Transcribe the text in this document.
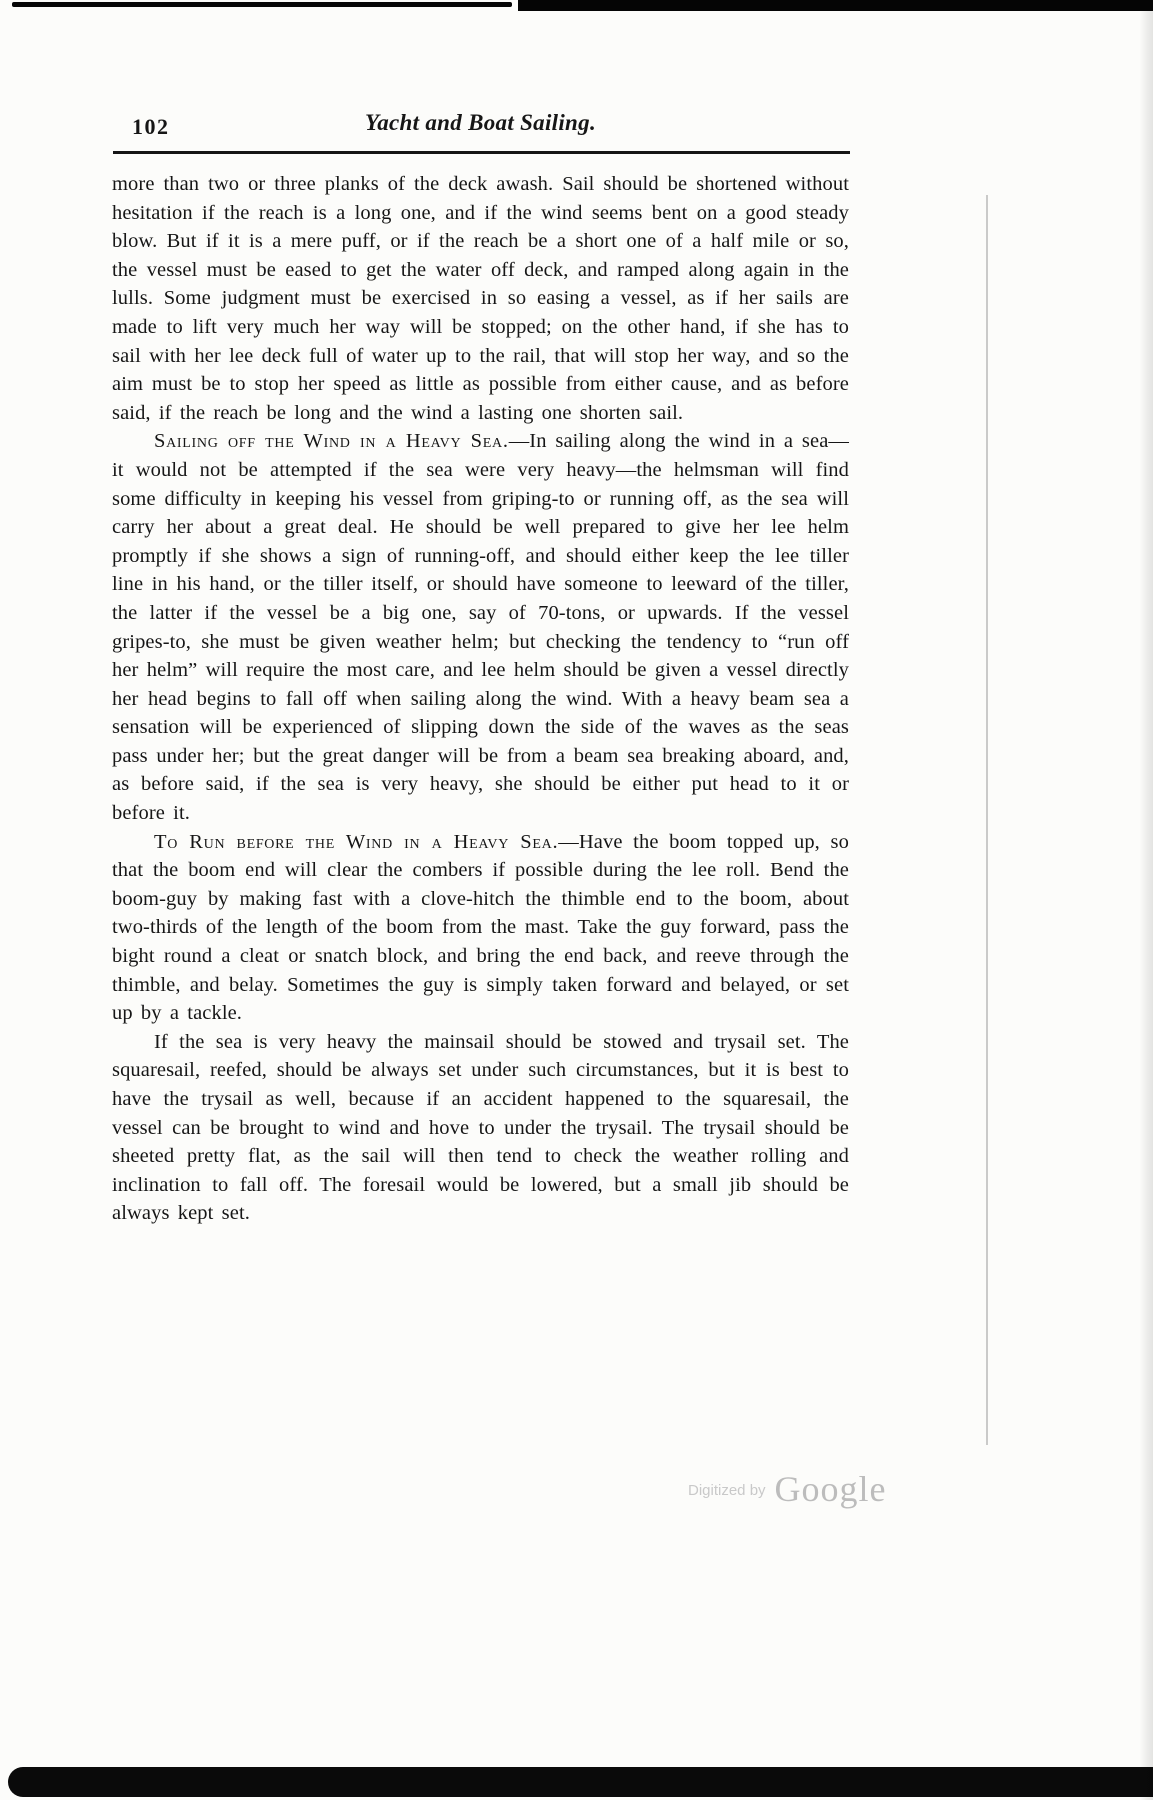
102	Yacht and Boat Sailing.

more than two or three planks of the deck awash. Sail should be shortened without hesitation if the reach is a long one, and if the wind seems bent on a good steady blow. But if it is a mere puff, or if the reach be a short one of a half mile or so, the vessel must be eased to get the water off deck, and ramped along again in the lulls. Some judgment must be exercised in so easing a vessel, as if her sails are made to lift very much her way will be stopped; on the other hand, if she has to sail with her lee deck full of water up to the rail, that will stop her way, and so the aim must be to stop her speed as little as possible from either cause, and as before said, if the reach be long and the wind a lasting one shorten sail.

Sailing off the Wind in a Heavy Sea.—In sailing along the wind in a sea—it would not be attempted if the sea were very heavy—the helmsman will find some difficulty in keeping his vessel from griping-to or running off, as the sea will carry her about a great deal. He should be well prepared to give her lee helm promptly if she shows a sign of running-off, and should either keep the lee tiller line in his hand, or the tiller itself, or should have someone to leeward of the tiller, the latter if the vessel be a big one, say of 70-tons, or upwards. If the vessel gripes-to, she must be given weather helm; but checking the tendency to “run off her helm” will require the most care, and lee helm should be given a vessel directly her head begins to fall off when sailing along the wind. With a heavy beam sea a sensation will be experienced of slipping down the side of the waves as the seas pass under her; but the great danger will be from a beam sea breaking aboard, and, as before said, if the sea is very heavy, she should be either put head to it or before it.

To Run before the Wind in a Heavy Sea.—Have the boom topped up, so that the boom end will clear the combers if possible during the lee roll. Bend the boom-guy by making fast with a clove-hitch the thimble end to the boom, about two-thirds of the length of the boom from the mast. Take the guy forward, pass the bight round a cleat or snatch block, and bring the end back, and reeve through the thimble, and belay. Sometimes the guy is simply taken forward and belayed, or set up by a tackle.

If the sea is very heavy the mainsail should be stowed and trysail set. The squaresail, reefed, should be always set under such circumstances, but it is best to have the trysail as well, because if an accident happened to the squaresail, the vessel can be brought to wind and hove to under the trysail. The trysail should be sheeted pretty flat, as the sail will then tend to check the weather rolling and inclination to fall off. The foresail would be lowered, but a small jib should be always kept set.

Digitized by Google
